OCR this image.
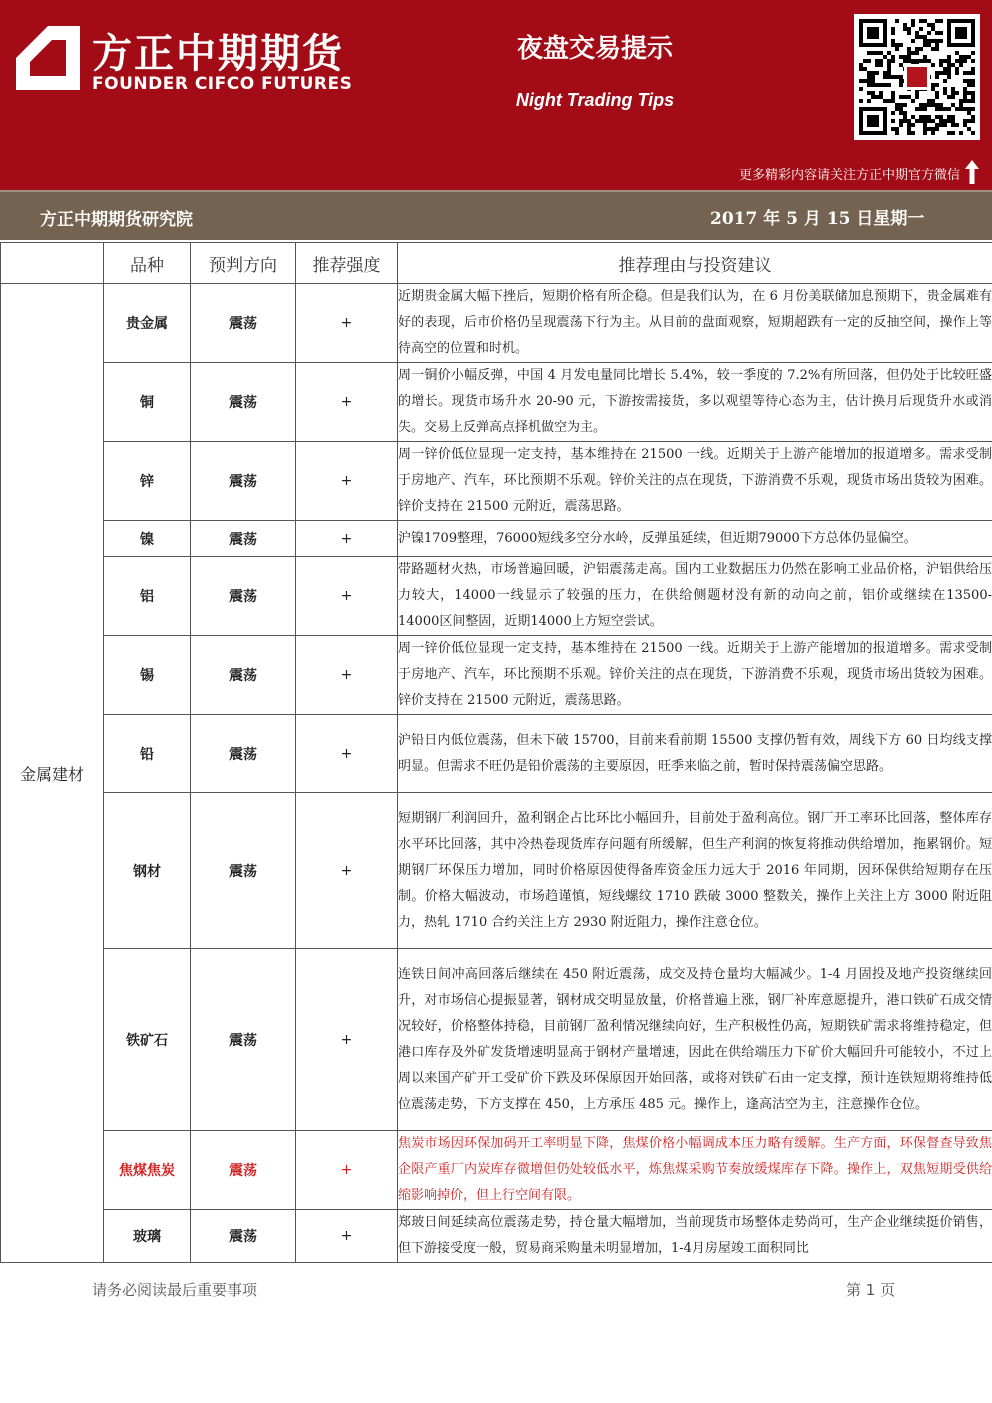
方正中期期货
FOUNDER CIFCO FUTURES
夜盘交易提示
Night Trading Tips
更多精彩内容请关注方正中期官方微信
方正中期期货研究院	2017 年 5 月 15 日星期一
	品种	预判方向	推荐强度	推荐理由与投资建议
金属建材	贵金属	震荡	+	近期贵金属大幅下挫后，短期价格有所企稳。但是我们认为，在 6 月份美联储加息预期下，贵金属难有好的表现，后市价格仍呈现震荡下行为主。从目前的盘面观察，短期超跌有一定的反抽空间，操作上等待高空的位置和时机。
	铜	震荡	+	周一铜价小幅反弹，中国 4 月发电量同比增长 5.4%，较一季度的 7.2%有所回落，但仍处于比较旺盛的增长。现货市场升水 20-90 元，下游按需接货，多以观望等待心态为主，估计换月后现货升水或消失。交易上反弹高点择机做空为主。
	锌	震荡	+	周一锌价低位显现一定支持，基本维持在 21500 一线。近期关于上游产能增加的报道增多。需求受制于房地产、汽车，环比预期不乐观。锌价关注的点在现货，下游消费不乐观，现货市场出货较为困难。锌价支持在 21500 元附近，震荡思路。
	镍	震荡	+	沪镍1709整理，76000短线多空分水岭，反弹虽延续，但近期79000下方总体仍显偏空。
	铝	震荡	+	带路题材火热，市场普遍回暖，沪铝震荡走高。国内工业数据压力仍然在影响工业品价格，沪铝供给压力较大，14000一线显示了较强的压力，在供给侧题材没有新的动向之前，铝价或继续在13500-14000区间整固，近期14000上方短空尝试。
	锡	震荡	+	周一锌价低位显现一定支持，基本维持在 21500 一线。近期关于上游产能增加的报道增多。需求受制于房地产、汽车，环比预期不乐观。锌价关注的点在现货，下游消费不乐观，现货市场出货较为困难。锌价支持在 21500 元附近，震荡思路。
	铅	震荡	+	沪铅日内低位震荡，但未下破 15700，目前来看前期 15500 支撑仍暂有效，周线下方 60 日均线支撑明显。但需求不旺仍是铅价震荡的主要原因，旺季来临之前，暂时保持震荡偏空思路。
	钢材	震荡	+	短期钢厂利润回升，盈利钢企占比环比小幅回升，目前处于盈利高位。钢厂开工率环比回落，整体库存水平环比回落，其中冷热卷现货库存问题有所缓解，但生产利润的恢复将推动供给增加，拖累钢价。短期钢厂环保压力增加，同时价格原因使得备库资金压力远大于 2016 年同期，因环保供给短期存在压制。价格大幅波动，市场趋谨慎，短线螺纹 1710 跌破 3000 整数关，操作上关注上方 3000 附近阻力，热轧 1710 合约关注上方 2930 附近阻力，操作注意仓位。
	铁矿石	震荡	+	连铁日间冲高回落后继续在 450 附近震荡，成交及持仓量均大幅减少。1-4 月固投及地产投资继续回升，对市场信心提振显著，钢材成交明显放量，价格普遍上涨，钢厂补库意愿提升，港口铁矿石成交情况较好，价格整体持稳，目前钢厂盈利情况继续向好，生产积极性仍高，短期铁矿需求将维持稳定，但港口库存及外矿发货增速明显高于钢材产量增速，因此在供给端压力下矿价大幅回升可能较小，不过上周以来国产矿开工受矿价下跌及环保原因开始回落，或将对铁矿石由一定支撑，预计连铁短期将维持低位震荡走势，下方支撑在 450，上方承压 485 元。操作上，逢高沽空为主，注意操作仓位。
	焦煤焦炭	震荡	+	焦炭市场因环保加码开工率明显下降，焦煤价格小幅调成本压力略有缓解。生产方面，环保督查导致焦企限产重厂内炭库存微增但仍处较低水平，炼焦煤采购节奏放缓煤库存下降。操作上，双焦短期受供给缩影响掉价，但上行空间有限。
	玻璃	震荡	+	郑玻日间延续高位震荡走势，持仓量大幅增加，当前现货市场整体走势尚可，生产企业继续挺价销售，但下游接受度一般，贸易商采购量未明显增加，1-4月房屋竣工面积同比
请务必阅读最后重要事项	第 1 页
